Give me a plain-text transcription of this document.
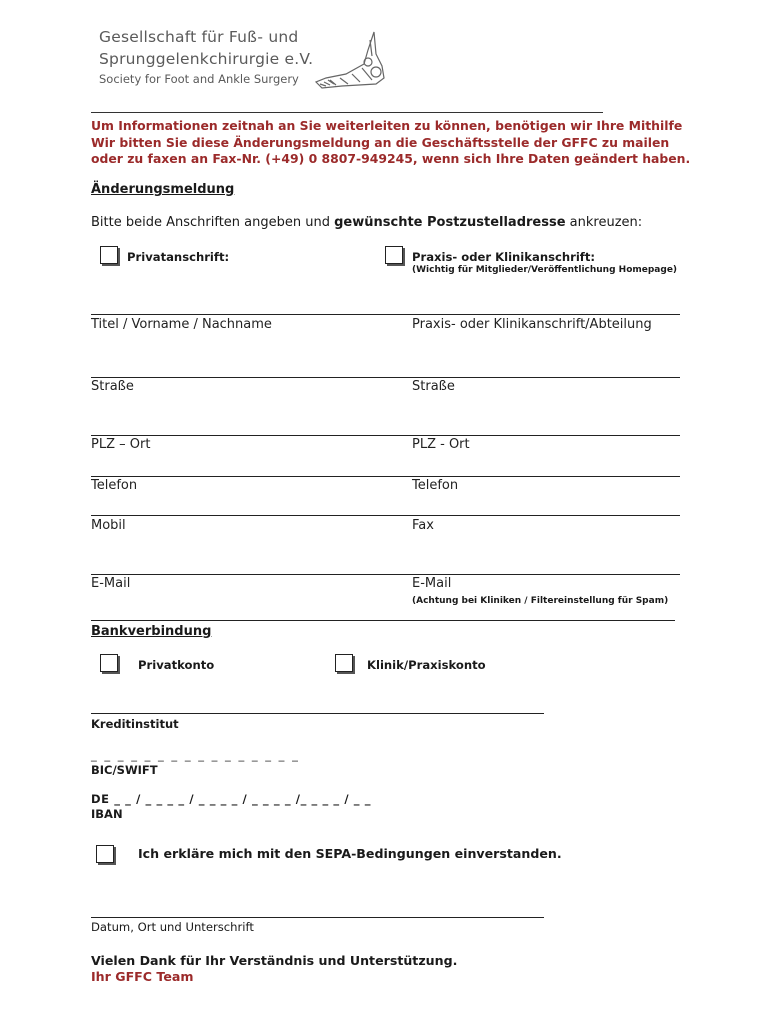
Gesellschaft für Fuß- und
Sprunggelenkchirurgie e.V.
Society for Foot and Ankle Surgery
Um Informationen zeitnah an Sie weiterleiten zu können, benötigen wir Ihre Mithilfe
Wir bitten Sie diese Änderungsmeldung an die Geschäftsstelle der GFFC zu mailen
oder zu faxen an Fax-Nr. (+49) 0 8807-949245, wenn sich Ihre Daten geändert haben.
Änderungsmeldung
Bitte beide Anschriften angeben und gewünschte Postzustelladresse ankreuzen:
Privatanschrift:	Praxis- oder Klinikanschrift:
(Wichtig für Mitglieder/Veröffentlichung Homepage)
Titel / Vorname / Nachname	Praxis- oder Klinikanschrift/Abteilung
Straße	Straße
PLZ – Ort	PLZ - Ort
Telefon	Telefon
Mobil	Fax
E-Mail	E-Mail
(Achtung bei Kliniken / Filtereinstellung für Spam)
Bankverbindung
Privatkonto	Klinik/Praxiskonto
Kreditinstitut
_ _ _ _ _ _ _ _ _ _ _ _ _ _ _ _
BIC/SWIFT
DE _ _ / _ _ _ _ / _ _ _ _ / _ _ _ _ /_ _ _ _ / _ _
IBAN
Ich erkläre mich mit den SEPA-Bedingungen einverstanden.
Datum, Ort und Unterschrift
Vielen Dank für Ihr Verständnis und Unterstützung.
Ihr GFFC Team
